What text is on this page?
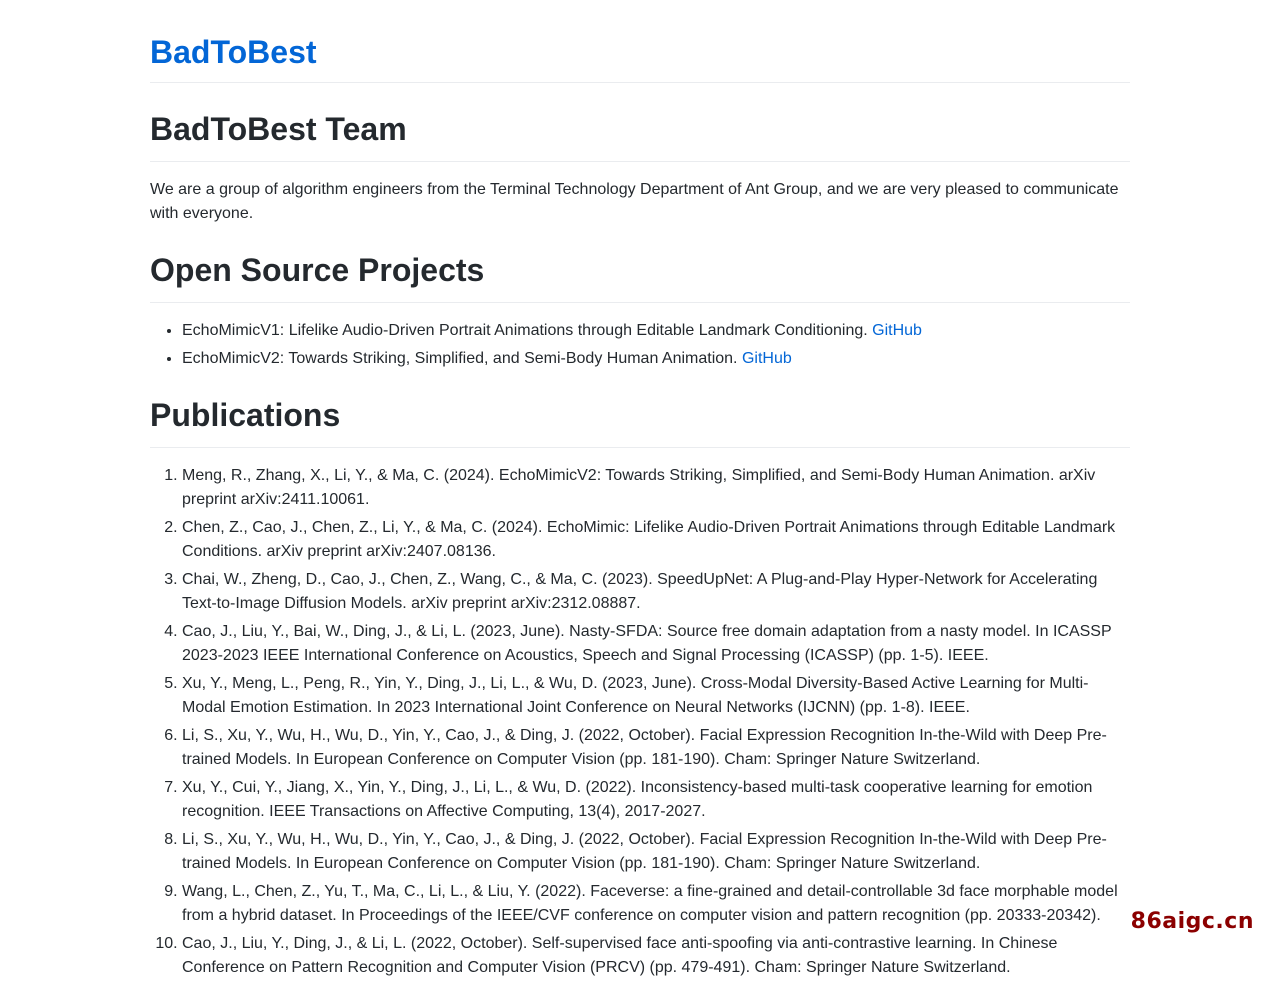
BadToBest
BadToBest Team

We are a group of algorithm engineers from the Terminal Technology Department of Ant Group, and we are very pleased to communicate with everyone.

Open Source Projects
• EchoMimicV1: Lifelike Audio-Driven Portrait Animations through Editable Landmark Conditioning. GitHub
• EchoMimicV2: Towards Striking, Simplified, and Semi-Body Human Animation. GitHub
Publications
1. Meng, R., Zhang, X., Li, Y., & Ma, C. (2024). EchoMimicV2: Towards Striking, Simplified, and Semi-Body Human Animation. arXiv preprint arXiv:2411.10061.
2. Chen, Z., Cao, J., Chen, Z., Li, Y., & Ma, C. (2024). EchoMimic: Lifelike Audio-Driven Portrait Animations through Editable Landmark Conditions. arXiv preprint arXiv:2407.08136.
3. Chai, W., Zheng, D., Cao, J., Chen, Z., Wang, C., & Ma, C. (2023). SpeedUpNet: A Plug-and-Play Hyper-Network for Accelerating Text-to-Image Diffusion Models. arXiv preprint arXiv:2312.08887.
4. Cao, J., Liu, Y., Bai, W., Ding, J., & Li, L. (2023, June). Nasty-SFDA: Source free domain adaptation from a nasty model. In ICASSP 2023-2023 IEEE International Conference on Acoustics, Speech and Signal Processing (ICASSP) (pp. 1-5). IEEE.
5. Xu, Y., Meng, L., Peng, R., Yin, Y., Ding, J., Li, L., & Wu, D. (2023, June). Cross-Modal Diversity-Based Active Learning for Multi-Modal Emotion Estimation. In 2023 International Joint Conference on Neural Networks (IJCNN) (pp. 1-8). IEEE.
6. Li, S., Xu, Y., Wu, H., Wu, D., Yin, Y., Cao, J., & Ding, J. (2022, October). Facial Expression Recognition In-the-Wild with Deep Pre-trained Models. In European Conference on Computer Vision (pp. 181-190). Cham: Springer Nature Switzerland.
7. Xu, Y., Cui, Y., Jiang, X., Yin, Y., Ding, J., Li, L., & Wu, D. (2022). Inconsistency-based multi-task cooperative learning for emotion recognition. IEEE Transactions on Affective Computing, 13(4), 2017-2027.
8. Li, S., Xu, Y., Wu, H., Wu, D., Yin, Y., Cao, J., & Ding, J. (2022, October). Facial Expression Recognition In-the-Wild with Deep Pre-trained Models. In European Conference on Computer Vision (pp. 181-190). Cham: Springer Nature Switzerland.
9. Wang, L., Chen, Z., Yu, T., Ma, C., Li, L., & Liu, Y. (2022). Faceverse: a fine-grained and detail-controllable 3d face morphable model from a hybrid dataset. In Proceedings of the IEEE/CVF conference on computer vision and pattern recognition (pp. 20333-20342).
10. Cao, J., Liu, Y., Ding, J., & Li, L. (2022, October). Self-supervised face anti-spoofing via anti-contrastive learning. In Chinese Conference on Pattern Recognition and Computer Vision (PRCV) (pp. 479-491). Cham: Springer Nature Switzerland.
86aigc.cn
